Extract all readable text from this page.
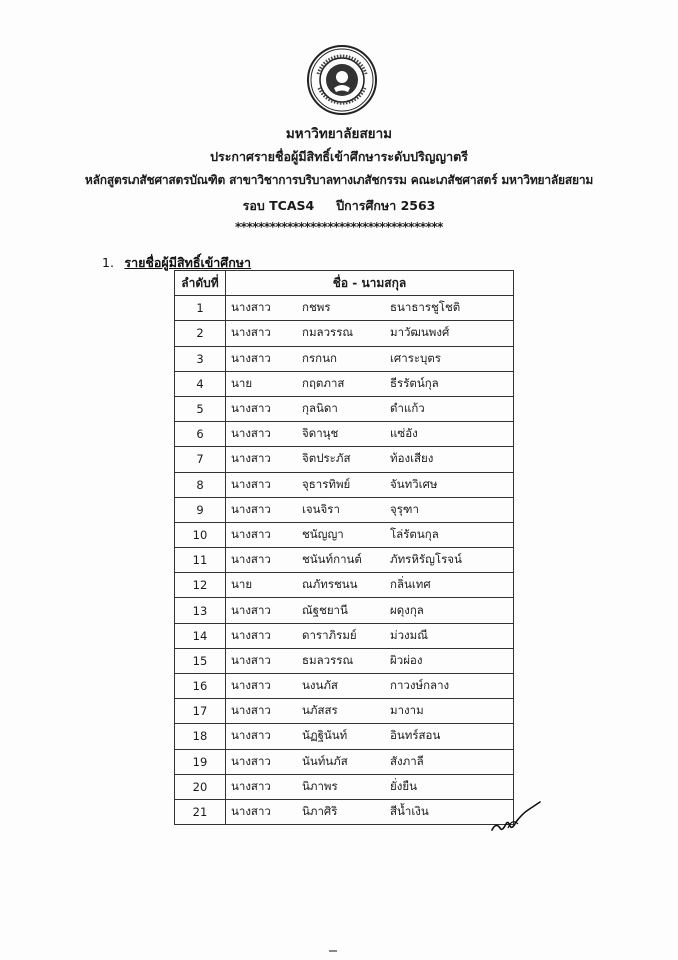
มหาวิทยาลัยสยาม
ประกาศรายชื่อผู้มีสิทธิ์เข้าศึกษาระดับปริญญาตรี
หลักสูตรเภสัชศาสตรบัณฑิต สาขาวิชาการบริบาลทางเภสัชกรรม คณะเภสัชศาสตร์ มหาวิทยาลัยสยาม
รอบ TCAS4 ปีการศึกษา 2563
************************************
1. รายชื่อผู้มีสิทธิ์เข้าศึกษา
ลำดับที่	ชื่อ - นามสกุล
1	นางสาว กชพร ธนาธารชูโชติ

2	นางสาว กมลวรรณ มาวัฒนพงศ์

3	นางสาว กรกนก เศาระบุตร

4	นาย กฤตภาส ธีรรัตน์กุล

5	นางสาว กุลนิดา ดำแก้ว

6	นางสาว จิดานุช แซ่อัง

7	นางสาว จิตประภัส ท้องเสียง

8	นางสาว จุธารทิพย์ จันทวิเศษ

9	นางสาว เจนจิรา จุรุฑา

10	นางสาว ชนัญญา โล่รัตนกุล

11	นางสาว ชนันท์กานต์ ภัทรหิรัญโรจน์

12	นาย ณภัทรชนน กลิ่นเทศ

13	นางสาว ณัฐชยานี ผดุงกุล

14	นางสาว ดาราภิรมย์ ม่วงมณี

15	นางสาว ธมลวรรณ ผิวผ่อง

16	นางสาว นงนภัส กาวงษ์กลาง

17	นางสาว นภัสสร มางาม

18	นางสาว นัฏฐินันท์ อินทร์สอน

19	นางสาว นันท์นภัส สังภาลี

20	นางสาว นิภาพร ยั่งยืน

21	นางสาว นิภาศิริ สีน้ำเงิน
